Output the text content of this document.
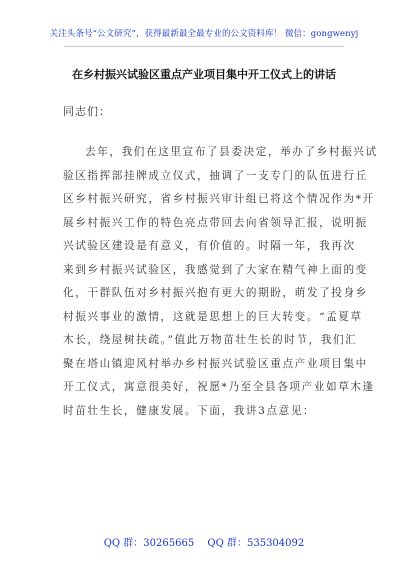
关注头条号“公文研究”，获得最新最全最专业的公文资料库！ 微信：gongwenyj
在乡村振兴试验区重点产业项目集中开工仪式上的讲话
同志们：
去年，我们在这里宣布了县委决定，举办了乡村振兴试
验区指挥部挂牌成立仪式，抽调了一支专门的队伍进行丘
区乡村振兴研究，省乡村振兴审计组已将这个情况作为*开
展乡村振兴工作的特色亮点带回去向省领导汇报，说明振
兴试验区建设是有意义，有价值的。时隔一年，我再次
来到乡村振兴试验区，我感觉到了大家在精气神上面的变
化，干群队伍对乡村振兴抱有更大的期盼，萌发了投身乡
村振兴事业的激情，这就是思想上的巨大转变。“孟夏草
木长，绕屋树扶疏。”值此万物苗壮生长的时节，我们汇
聚在塔山镇迎风村举办乡村振兴试验区重点产业项目集中
开工仪式，寓意很美好，祝愿*乃至全县各项产业如草木逢
时苗壮生长，健康发展。下面，我讲3点意见：
QQ 群：30265665 QQ 群：535304092
